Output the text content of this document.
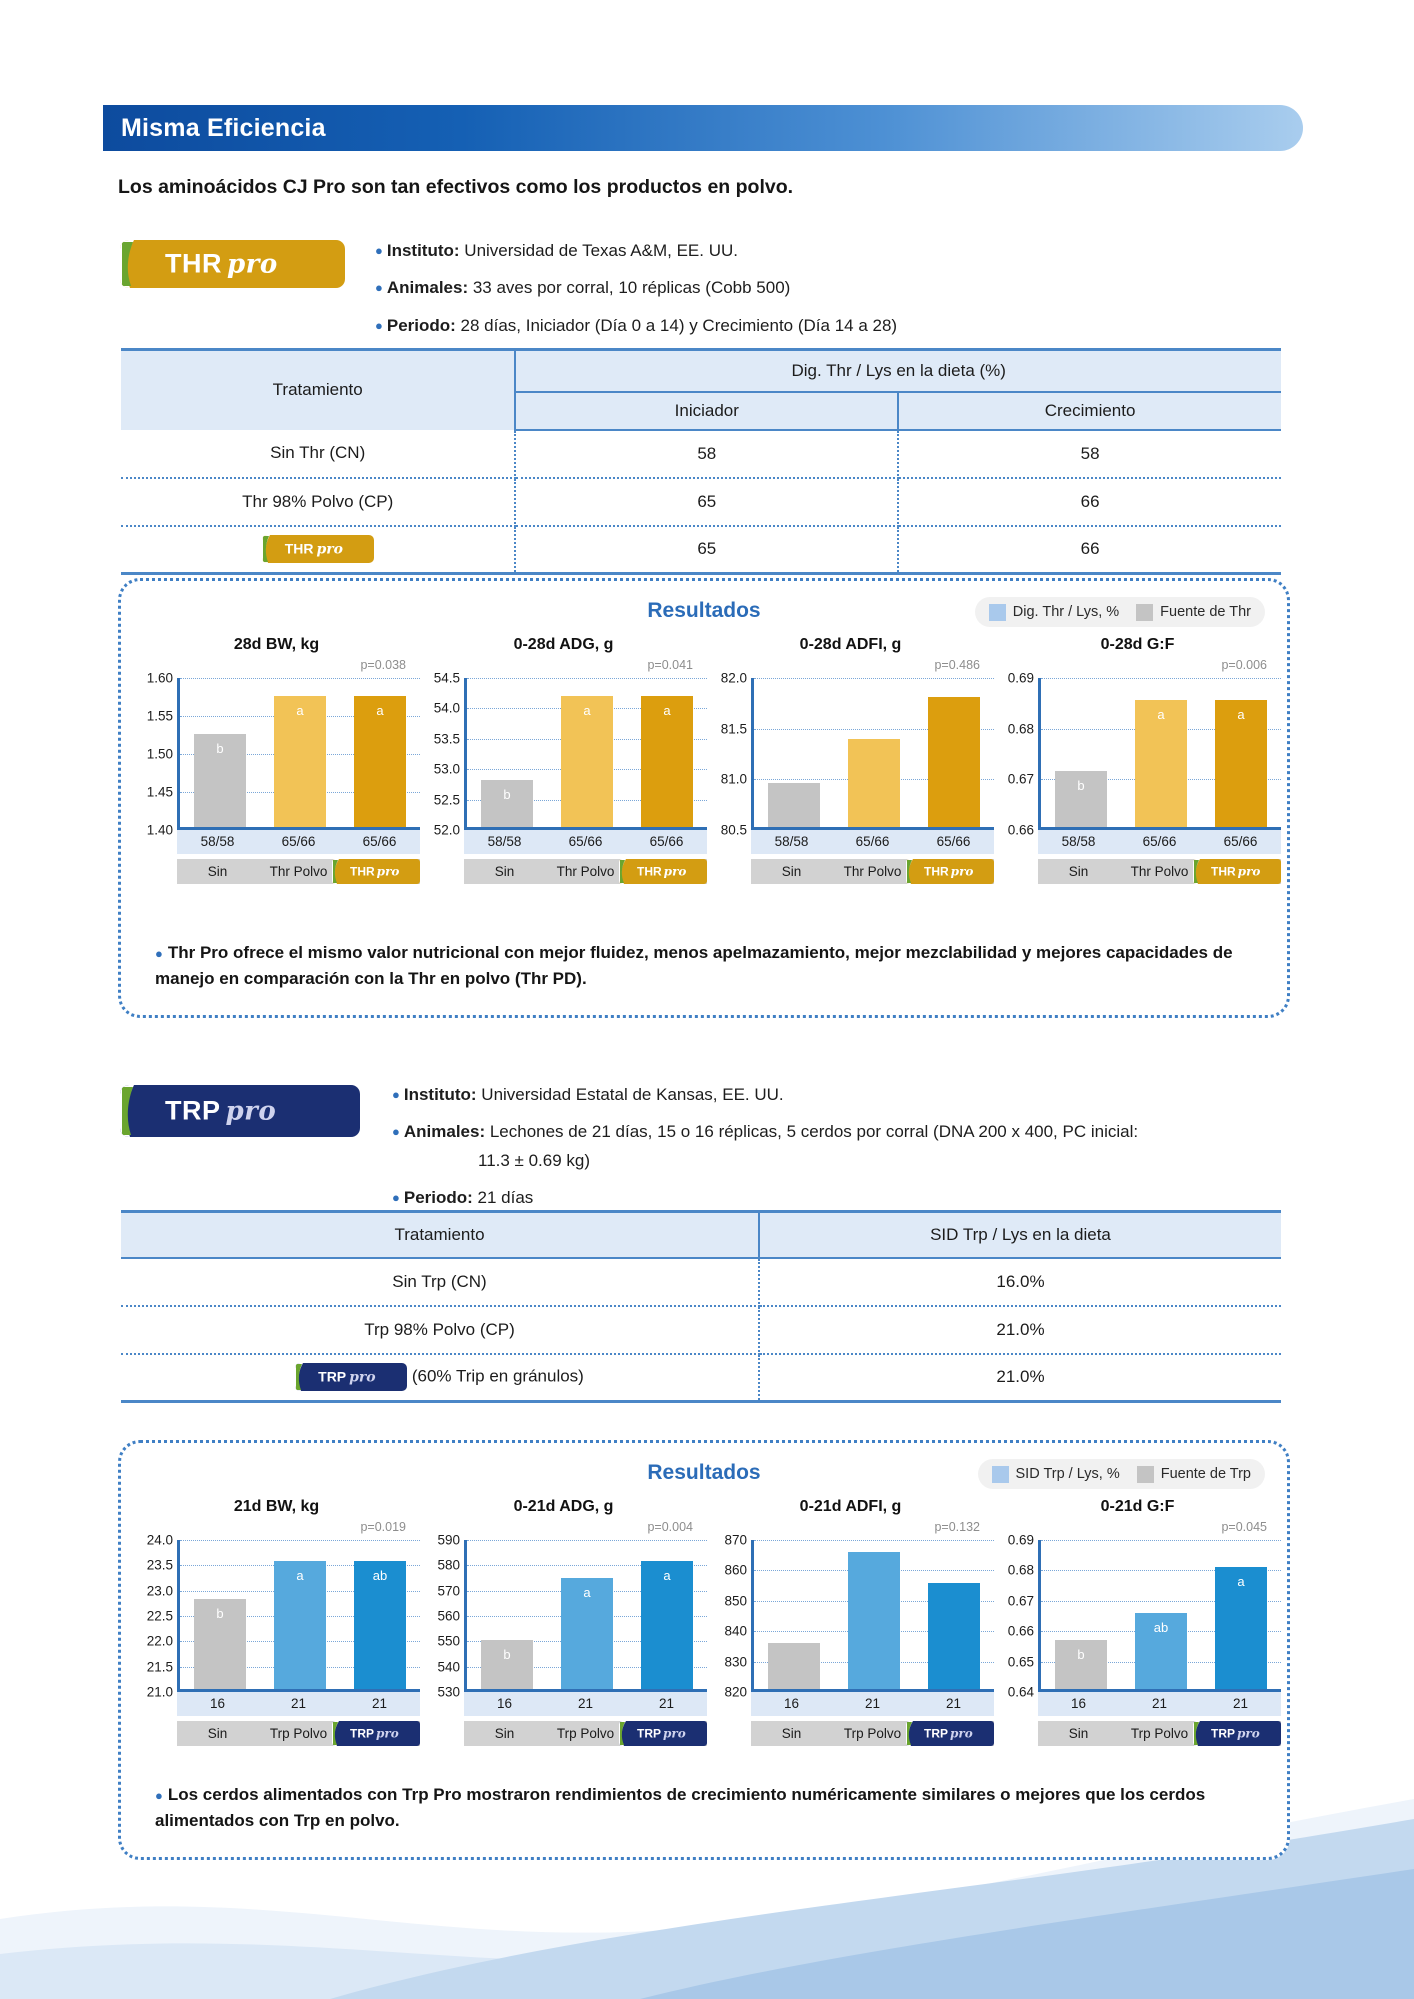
Misma Eficiencia
Los aminoácidos CJ Pro son tan efectivos como los productos en polvo.
THR pro	● Instituto: Universidad de Texas A&M, EE. UU.
● Animales: 33 aves por corral, 10 réplicas (Cobb 500)
● Periodo: 28 días, Iniciador (Día 0 a 14) y Crecimiento (Día 14 a 28)
Tratamiento	Dig. Thr / Lys en la dieta (%)	
	Iniciador	Crecimiento
Sin Thr (CN)	58	58
Thr 98% Polvo (CP)	65	66

THR pro	65	66
Resultados	Dig. Thr / Lys, %	Fuente de Thr
28d BW, kg
p=0.038
1.40
1.45
1.50
1.55
1.60
b
a	a
58/58	65/66	65/66
Sin	Thr Polvo	THR pro
0-28d ADG, g
p=0.041
52.0
52.5
53.0
53.5
54.0
54.5
b
a	a
58/58	65/66	65/66
Sin	Thr Polvo	THR pro
0-28d ADFI, g
p=0.486
80.5
81.0
81.5
82.0
58/58	65/66	65/66
Sin	Thr Polvo	THR pro
0-28d G:F
p=0.006
0.66
0.67
0.68
0.69
b
a	a
58/58	65/66	65/66
Sin	Thr Polvo	THR pro
● Thr Pro ofrece el mismo valor nutricional con mejor fluidez, menos apelmazamiento, mejor mezclabilidad y mejores capacidades de manejo en comparación con la Thr en polvo (Thr PD).
TRP pro
● Instituto: Universidad Estatal de Kansas, EE. UU.
● Animales: Lechones de 21 días, 15 o 16 réplicas, 5 cerdos por corral (DNA 200 x 400, PC inicial:
11.3 ± 0.69 kg)
● Periodo: 21 días
Tratamiento	SID Trp / Lys en la dieta
Sin Trp (CN)	16.0%
Trp 98% Polvo (CP)	21.0%

TRP pro (60% Trip en gránulos)	21.0%
Resultados	SID Trp / Lys, %	Fuente de Trp
21d BW, kg
p=0.019
21.0
21.5
22.0
22.5
23.0
23.5
24.0
b
a	ab
16	21	21
Sin	Trp Polvo	TRP pro
0-21d ADG, g
p=0.004
530
540
550
560
570
580
590
b
a
a
16	21	21
Sin	Trp Polvo	TRP pro
0-21d ADFI, g
p=0.132
820
830
840
850
860
870
16	21	21
Sin	Trp Polvo	TRP pro
0-21d G:F
p=0.045
0.64
0.65
0.66
0.67
0.68
0.69
b
ab
a
16	21	21
Sin	Trp Polvo	TRP pro
● Los cerdos alimentados con Trp Pro mostraron rendimientos de crecimiento numéricamente similares o mejores que los cerdos alimentados con Trp en polvo.
